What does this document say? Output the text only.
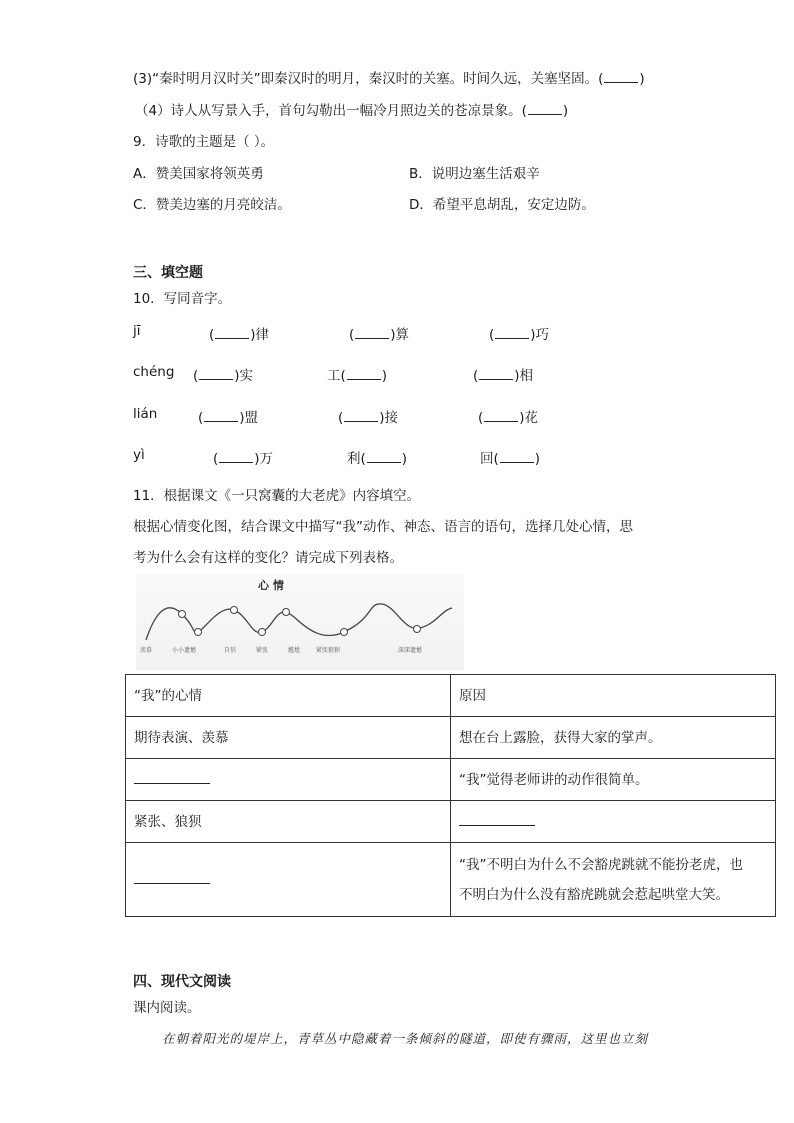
(3)“秦时明月汉时关”即秦汉时的明月，秦汉时的关塞。时间久远，关塞坚固。(	)
（4）诗人从写景入手，首句勾勒出一幅冷月照边关的苍凉景象。(	)
9．诗歌的主题是（ ）。
A．赞美国家将领英勇	B．说明边塞生活艰辛
C．赞美边塞的月亮皎洁。	D．希望平息胡乱，安定边防。
三、填空题
10．写同音字。
jī	(	)律	(	)算	(	)巧
chéng (	)实	工(	)	(	)相
lián	(	)盟	(	)接	(	)花
yì	(	)万	利(	)	回(	)
11．根据课文《一只窝囊的大老虎》内容填空。
根据心情变化图，结合课文中描写“我”动作、神态、语言的语句，选择几处心情，思
考为什么会有这样的变化？请完成下列表格。
心 情
羡慕	小小遗憾	自信	紧张	尴尬	紧张狼狈	深深遗憾
“我”的心情	原因
期待表演、羡慕	想在台上露脸，获得大家的掌声。
	“我”觉得老师讲的动作很简单。
紧张、狼狈	

	“我”不明白为什么不会豁虎跳就不能扮老虎，也
不明白为什么没有豁虎跳就会惹起哄堂大笑。
四、现代文阅读
课内阅读。
在朝着阳光的堤岸上，青草丛中隐藏着一条倾斜的隧道，即使有骤雨，这里也立刻
